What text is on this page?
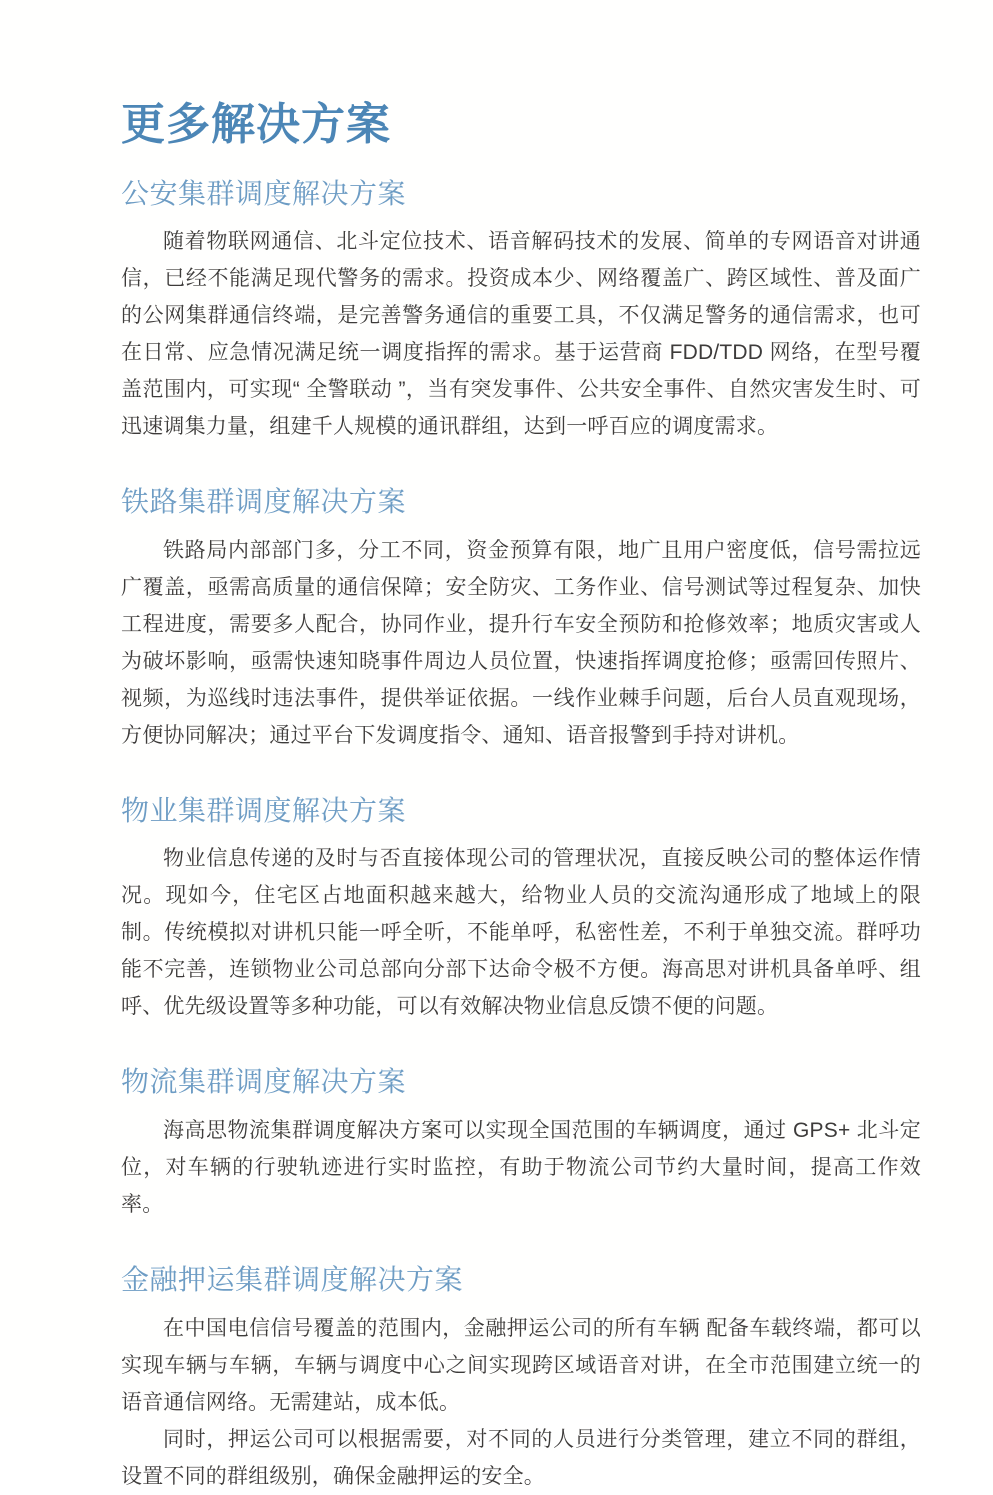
更多解决方案
公安集群调度解决方案

随着物联网通信、北斗定位技术、语音解码技术的发展、简单的专网语音对讲通信，已经不能满足现代警务的需求。投资成本少、网络覆盖广、跨区域性、普及面广的公网集群通信终端，是完善警务通信的重要工具，不仅满足警务的通信需求，也可在日常、应急情况满足统一调度指挥的需求。基于运营商 FDD/TDD 网络，在型号覆盖范围内，可实现“ 全警联动 ”，当有突发事件、公共安全事件、自然灾害发生时、可迅速调集力量，组建千人规模的通讯群组，达到一呼百应的调度需求。

铁路集群调度解决方案

铁路局内部部门多，分工不同，资金预算有限，地广且用户密度低，信号需拉远广覆盖，亟需高质量的通信保障；安全防灾、工务作业、信号测试等过程复杂、加快工程进度，需要多人配合，协同作业，提升行车安全预防和抢修效率；地质灾害或人为破坏影响，亟需快速知晓事件周边人员位置，快速指挥调度抢修；亟需回传照片、视频，为巡线时违法事件，提供举证依据。一线作业棘手问题，后台人员直观现场，方便协同解决；通过平台下发调度指令、通知、语音报警到手持对讲机。

物业集群调度解决方案

物业信息传递的及时与否直接体现公司的管理状况，直接反映公司的整体运作情况。现如今，住宅区占地面积越来越大，给物业人员的交流沟通形成了地域上的限制。传统模拟对讲机只能一呼全听，不能单呼，私密性差，不利于单独交流。群呼功能不完善，连锁物业公司总部向分部下达命令极不方便。海高思对讲机具备单呼、组呼、优先级设置等多种功能，可以有效解决物业信息反馈不便的问题。

物流集群调度解决方案

海高思物流集群调度解决方案可以实现全国范围的车辆调度，通过 GPS+ 北斗定位，对车辆的行驶轨迹进行实时监控，有助于物流公司节约大量时间，提高工作效率。

金融押运集群调度解决方案

在中国电信信号覆盖的范围内，金融押运公司的所有车辆 配备车载终端，都可以实现车辆与车辆，车辆与调度中心之间实现跨区域语音对讲，在全市范围建立统一的语音通信网络。无需建站，成本低。

同时，押运公司可以根据需要，对不同的人员进行分类管理，建立不同的群组，设置不同的群组级别，确保金融押运的安全。
